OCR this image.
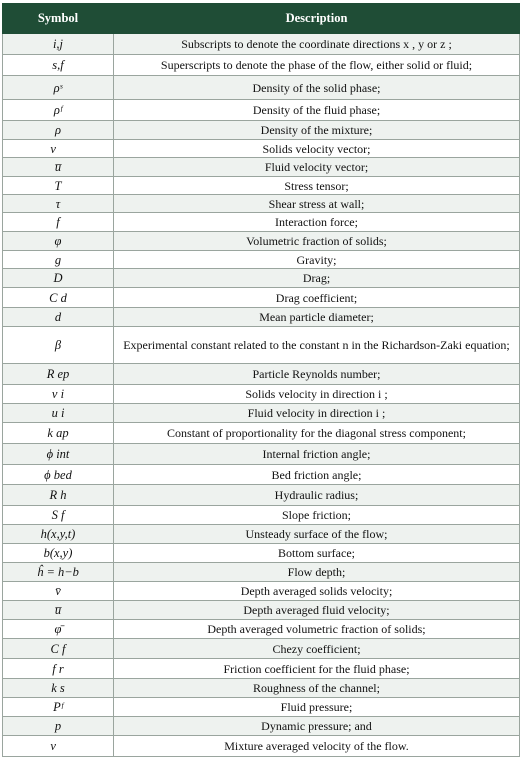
Symbol	Description
i,j	Subscripts to denote the coordinate directions x , y or z ;
s,f	Superscripts to denote the phase of the flow, either solid or fluid;
ρˢ	Density of the solid phase;
ρᶠ	Density of the fluid phase;
ρ	Density of the mixture;
v⃗	Solids velocity vector;
u̅	Fluid velocity vector;
T	Stress tensor;
τ	Shear stress at wall;
f	Interaction force;
φ	Volumetric fraction of solids;
g	Gravity;
D	Drag;
C d	Drag coefficient;
d	Mean particle diameter;
β	Experimental constant related to the constant n in the Richardson-Zaki equation;
R ep	Particle Reynolds number;
v i	Solids velocity in direction i ;
u i	Fluid velocity in direction i ;
k ap	Constant of proportionality for the diagonal stress component;
ϕ int	Internal friction angle;
ϕ bed	Bed friction angle;
R h	Hydraulic radius;
S f	Slope friction;
h(x,y,t)	Unsteady surface of the flow;
b(x,y)	Bottom surface;
ĥ = h−b	Flow depth;
v̄	Depth averaged solids velocity;
u̅	Depth averaged fluid velocity;
φ̄	Depth averaged volumetric fraction of solids;
C f	Chezy coefficient;
f r	Friction coefficient for the fluid phase;
k s	Roughness of the channel;
Pᶠ	Fluid pressure;
p	Dynamic pressure; and
v⃡	Mixture averaged velocity of the flow.
